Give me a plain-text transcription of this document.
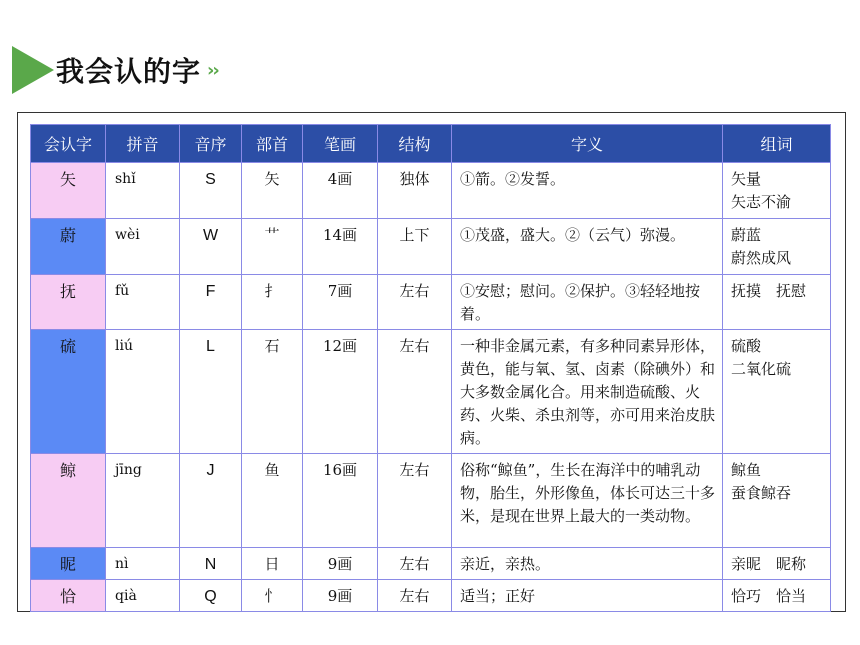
我会认的字 ››
会认字	拼音	音序	部首	笔画	结构	字义	组词
矢	shǐ	S	矢	4画	独体	①箭。②发誓。	矢量
矢志不渝
蔚	wèi	W	艹	14画	上下	①茂盛，盛大。②（云气）弥漫。	蔚蓝
蔚然成风
抚	fǔ	F	扌	7画	左右	①安慰；慰问。②保护。③轻轻地按着。	抚摸　抚慰
硫	liú	L	石	12画	左右	一种非金属元素，有多种同素异形体，黄色，能与氧、氢、卤素（除碘外）和大多数金属化合。用来制造硫酸、火药、火柴、杀虫剂等，亦可用来治皮肤病。	硫酸
二氧化硫
鲸	jīng	J	鱼	16画	左右	俗称“鲸鱼”，生长在海洋中的哺乳动物，胎生，外形像鱼，体长可达三十多米，是现在世界上最大的一类动物。	鲸鱼
蚕食鲸吞
昵	nì	N	日	9画	左右	亲近，亲热。	亲昵　昵称
恰	qià	Q	忄	9画	左右	适当；正好	恰巧　恰当
